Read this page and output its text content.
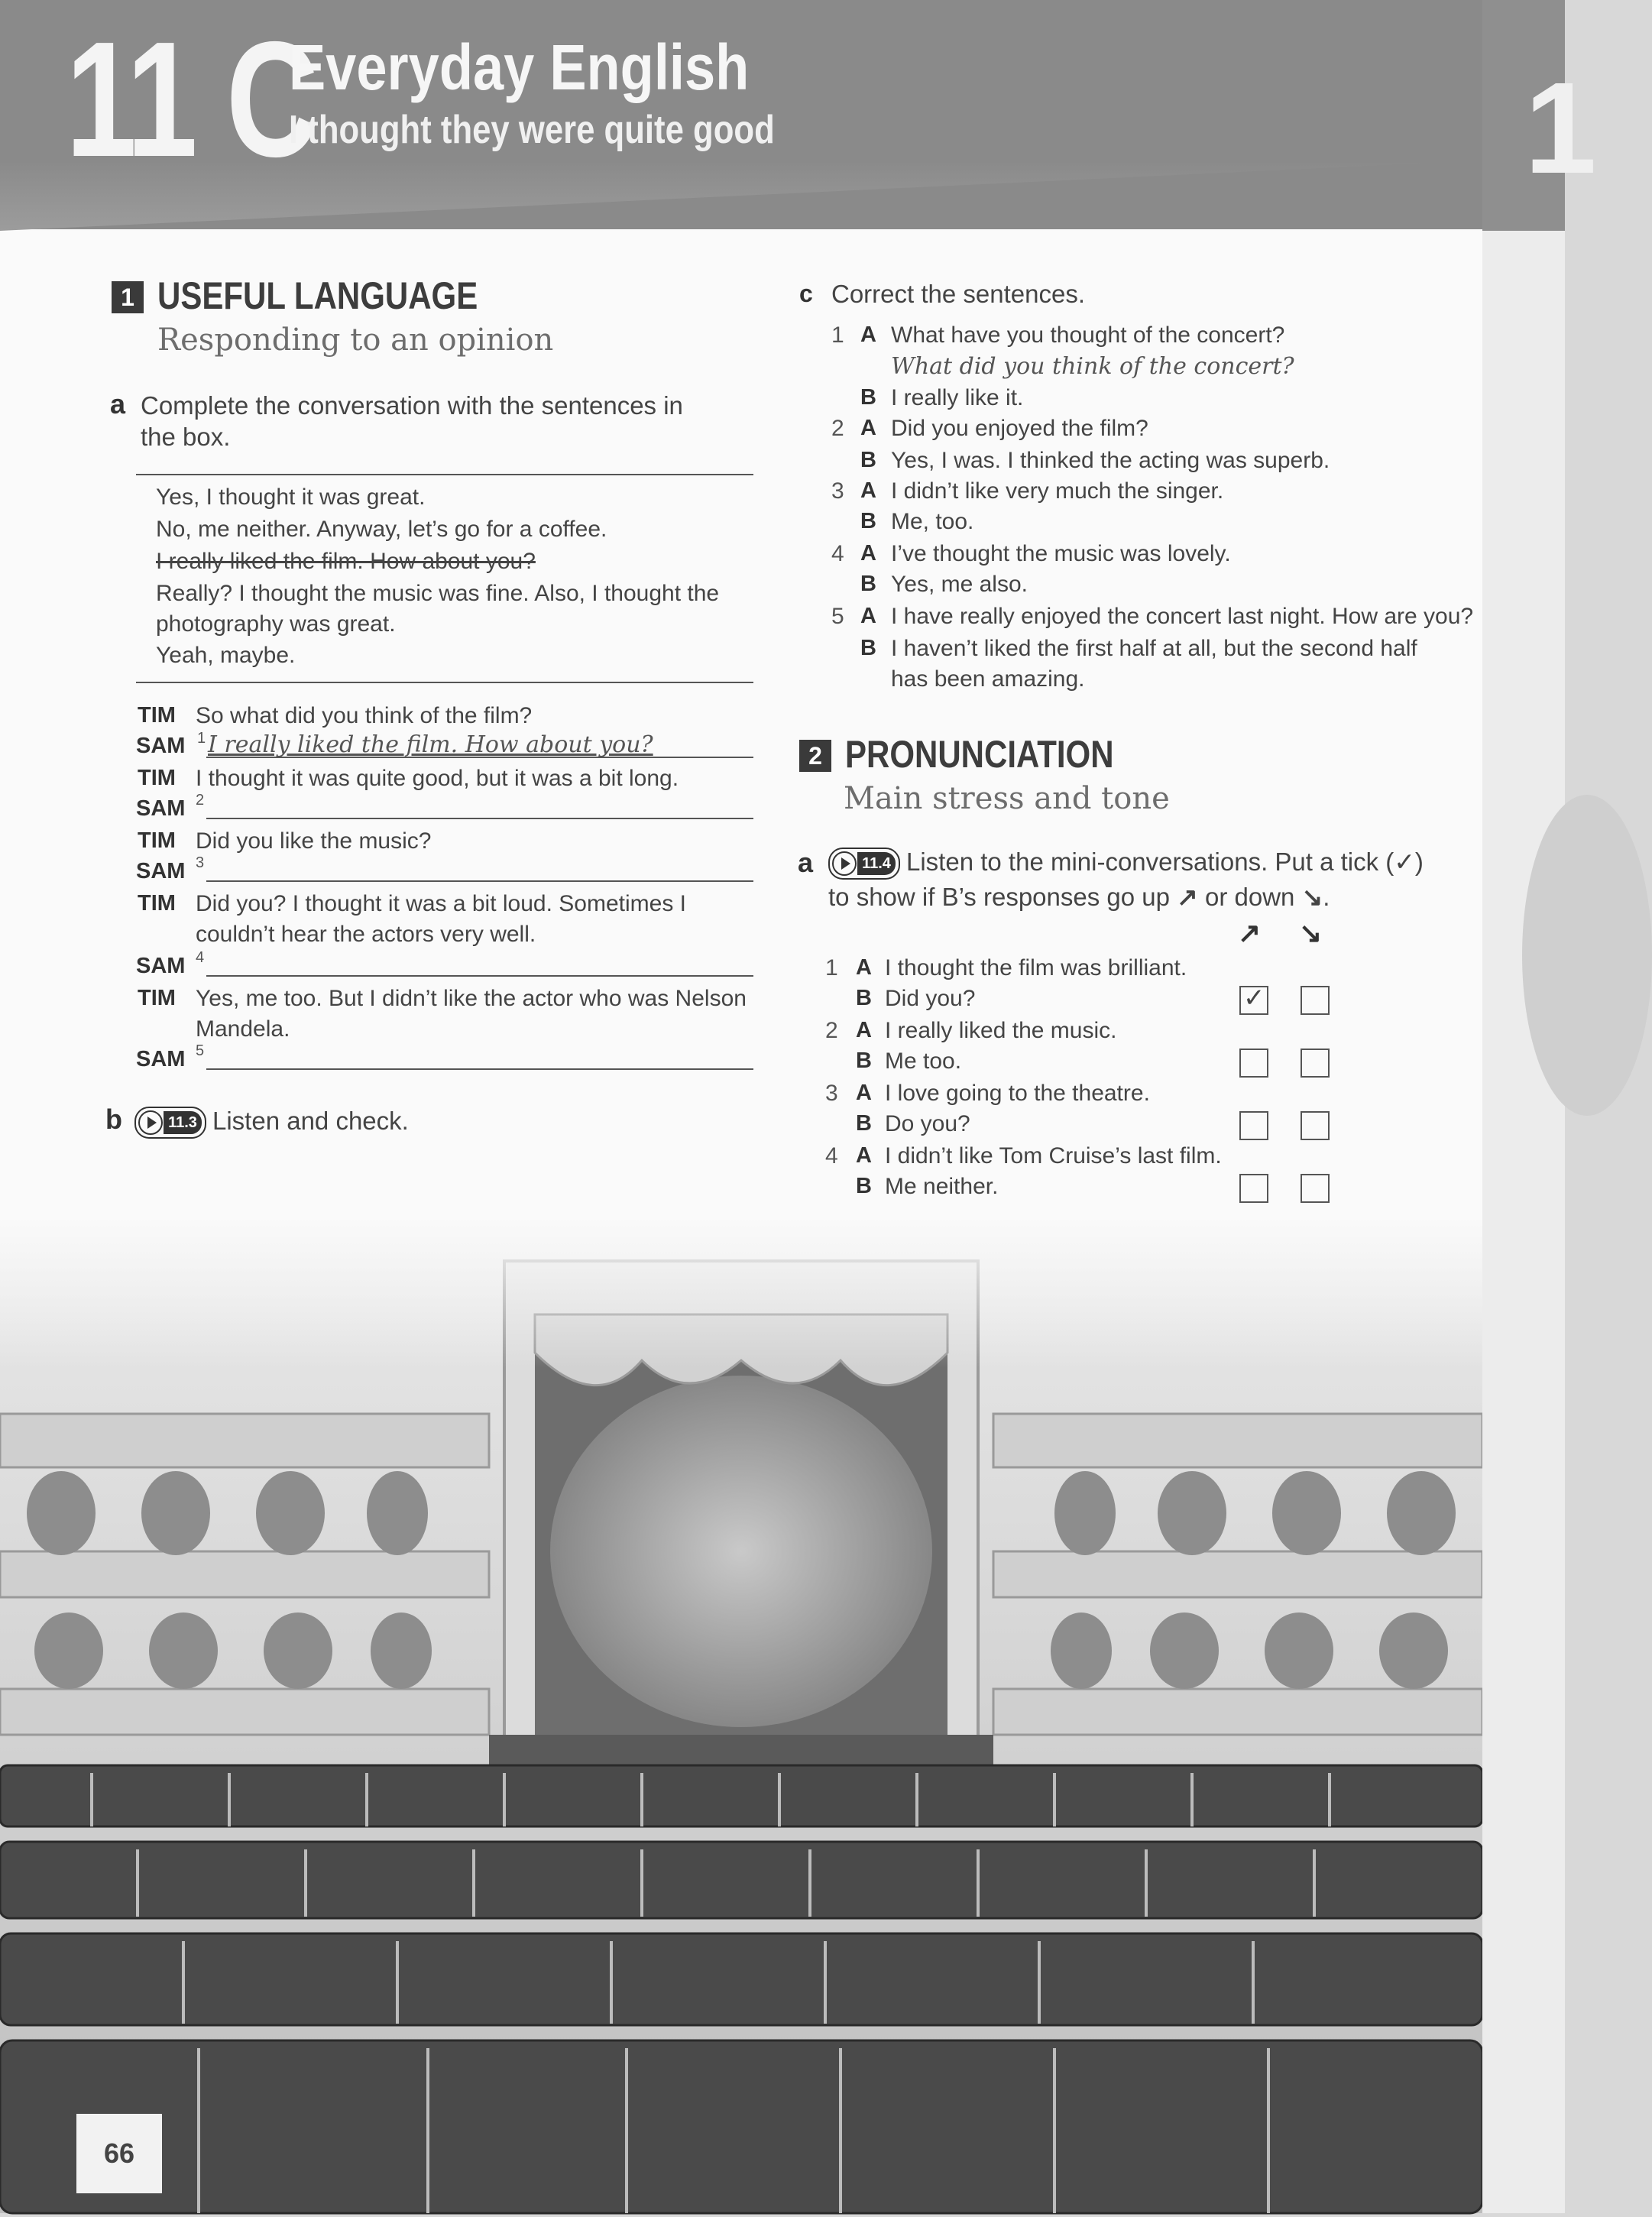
11 C
Everyday English
I thought they were quite good
1 USEFUL LANGUAGE
Responding to an opinion
a Complete the conversation with the sentences in
the box.
Yes, I thought it was great.
No, me neither. Anyway, let’s go for a coffee.
I really liked the film. How about you?
Really? I thought the music was fine. Also, I thought the
photography was great.
Yeah, maybe.
TIM So what did you think of the film?
SAM 1 I really liked the film. How about you?
TIM I thought it was quite good, but it was a bit long.
SAM 2
TIM Did you like the music?
SAM 3
TIM Did you? I thought it was a bit loud. Sometimes I
couldn’t hear the actors very well.
SAM 4
TIM Yes, me too. But I didn’t like the actor who was Nelson
Mandela.
SAM 5
b	11.3 Listen and check.
c Correct the sentences.
1 A What have you thought of the concert?
What did you think of the concert?
B I really like it.
2 A Did you enjoyed the film?
B Yes, I was. I thinked the acting was superb.
3 A I didn’t like very much the singer.
B Me, too.
4 A I’ve thought the music was lovely.
B Yes, me also.
5 A I have really enjoyed the concert last night. How are you?
B I haven’t liked the first half at all, but the second half
has been amazing.
2 PRONUNCIATION
Main stress and tone
a	11.4 Listen to the mini-conversations. Put a tick (✓)
to show if B’s responses go up ↗ or down ↘.
↗ ↘
1 A I thought the film was brilliant.
B Did you?	✓
2 A I really liked the music.
B Me too.
3 A I love going to the theatre.
B Do you?
4 A I didn’t like Tom Cruise’s last film.
B Me neither.
66
1
